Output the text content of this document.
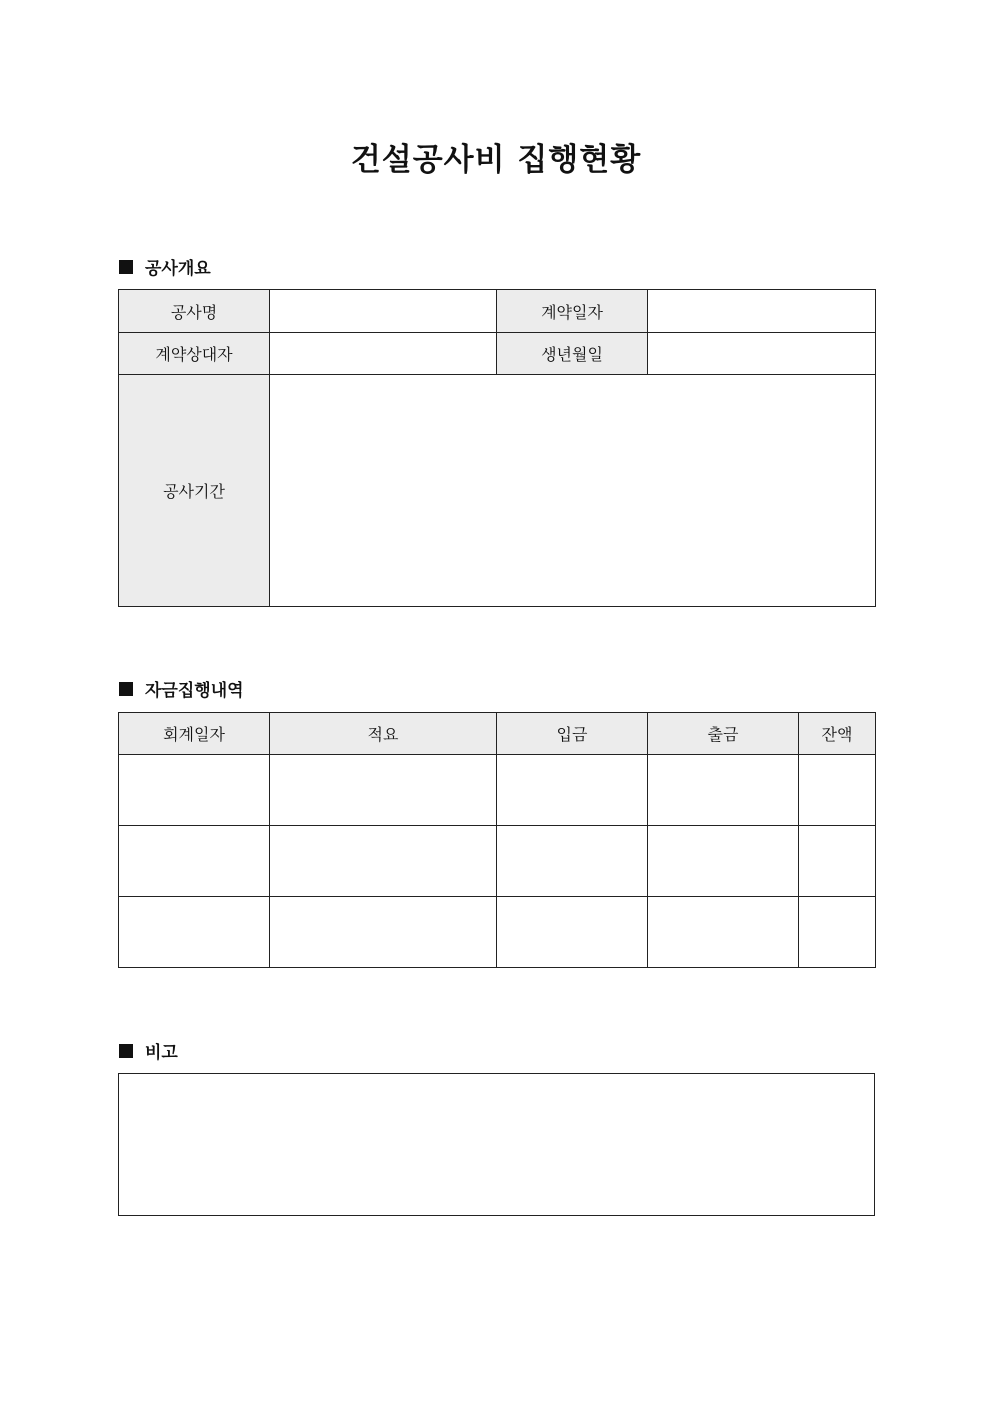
건설공사비 집행현황
공사개요
공사명		계약일자	
계약상대자		생년월일	
공사기간			
자금집행내역
회계일자	적요	입금	출금	잔액

비고
